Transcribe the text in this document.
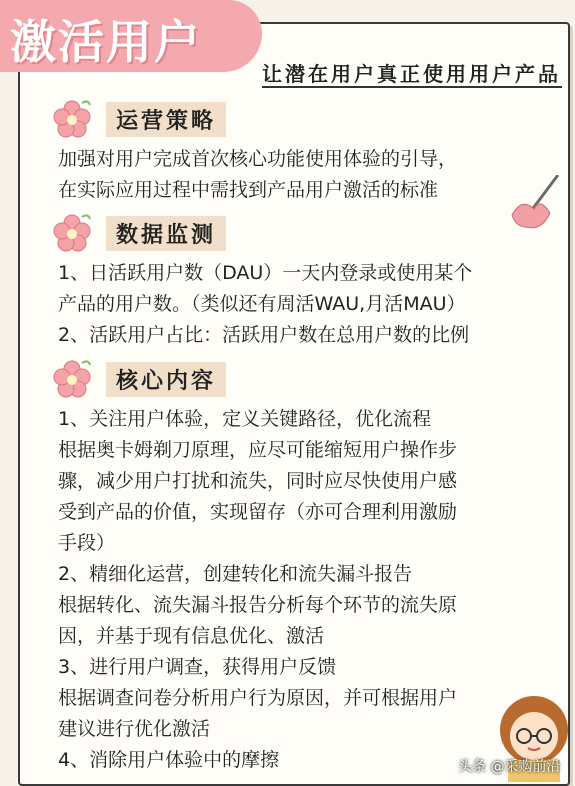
激活用户
让潜在用户真正使用用户产品
运营策略
加强对用户完成首次核心功能使用体验的引导，
在实际应用过程中需找到产品用户激活的标准
数据监测
1、日活跃用户数（DAU）一天内登录或使用某个
产品的用户数。（类似还有周活WAU,月活MAU）
2、活跃用户占比：活跃用户数在总用户数的比例
核心内容
1、关注用户体验，定义关键路径，优化流程
根据奥卡姆剃刀原理，应尽可能缩短用户操作步
骤，减少用户打扰和流失，同时应尽快使用户感
受到产品的价值，实现留存（亦可合理利用激励
手段）
2、精细化运营，创建转化和流失漏斗报告
根据转化、流失漏斗报告分析每个环节的流失原
因，并基于现有信息优化、激活
3、进行用户调查，获得用户反馈
根据调查问卷分析用户行为原因，并可根据用户
建议进行优化激活
4、消除用户体验中的摩擦	头条 @采购前沿
